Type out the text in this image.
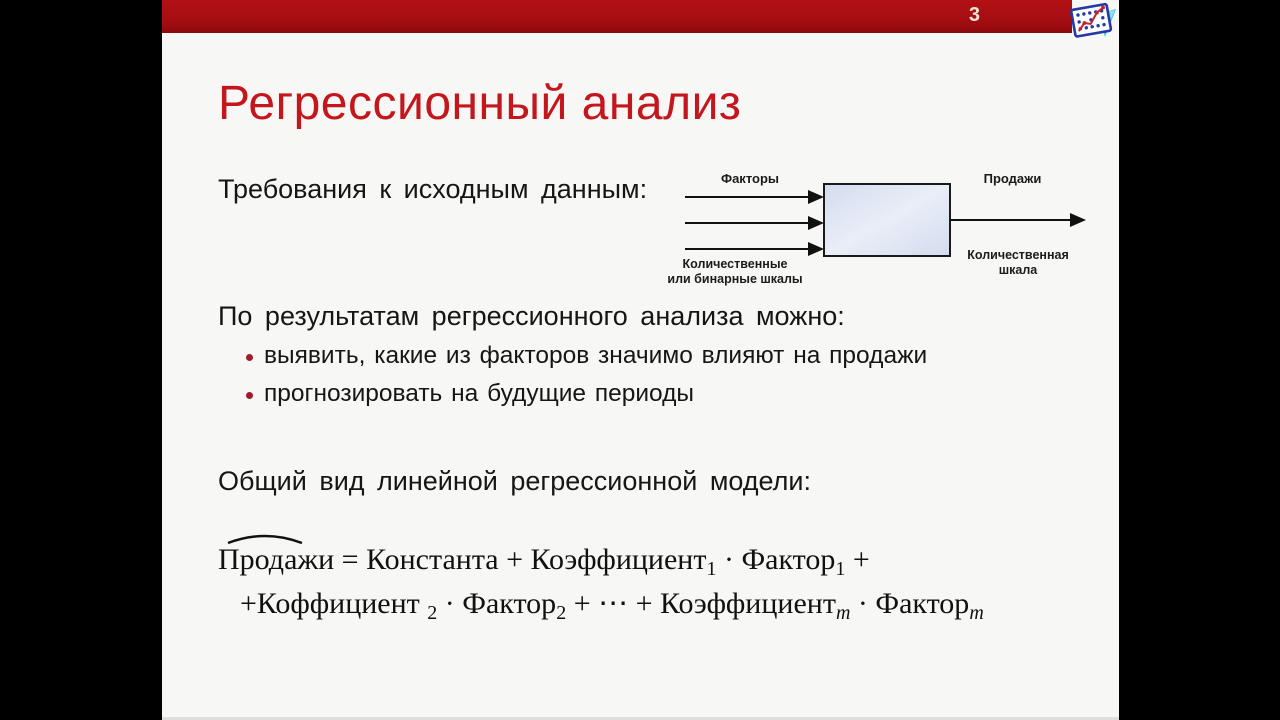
3
Регрессионный анализ
Требования к исходным данным:	Факторы	Продажи
Количественные
или бинарные шкалы
Количественная
шкала
По результатам регрессионного анализа можно:
выявить, какие из факторов значимо влияют на продажи
прогнозировать на будущие периоды
Общий вид линейной регрессионной модели:
Продажи = Константа + Коэффициент$_1$ · Фактор$_1$ +
+Коффициент $_2$ · Фактор$_2$ + ⋯ + Коэффициент$_m$ · Фактор$_m$
